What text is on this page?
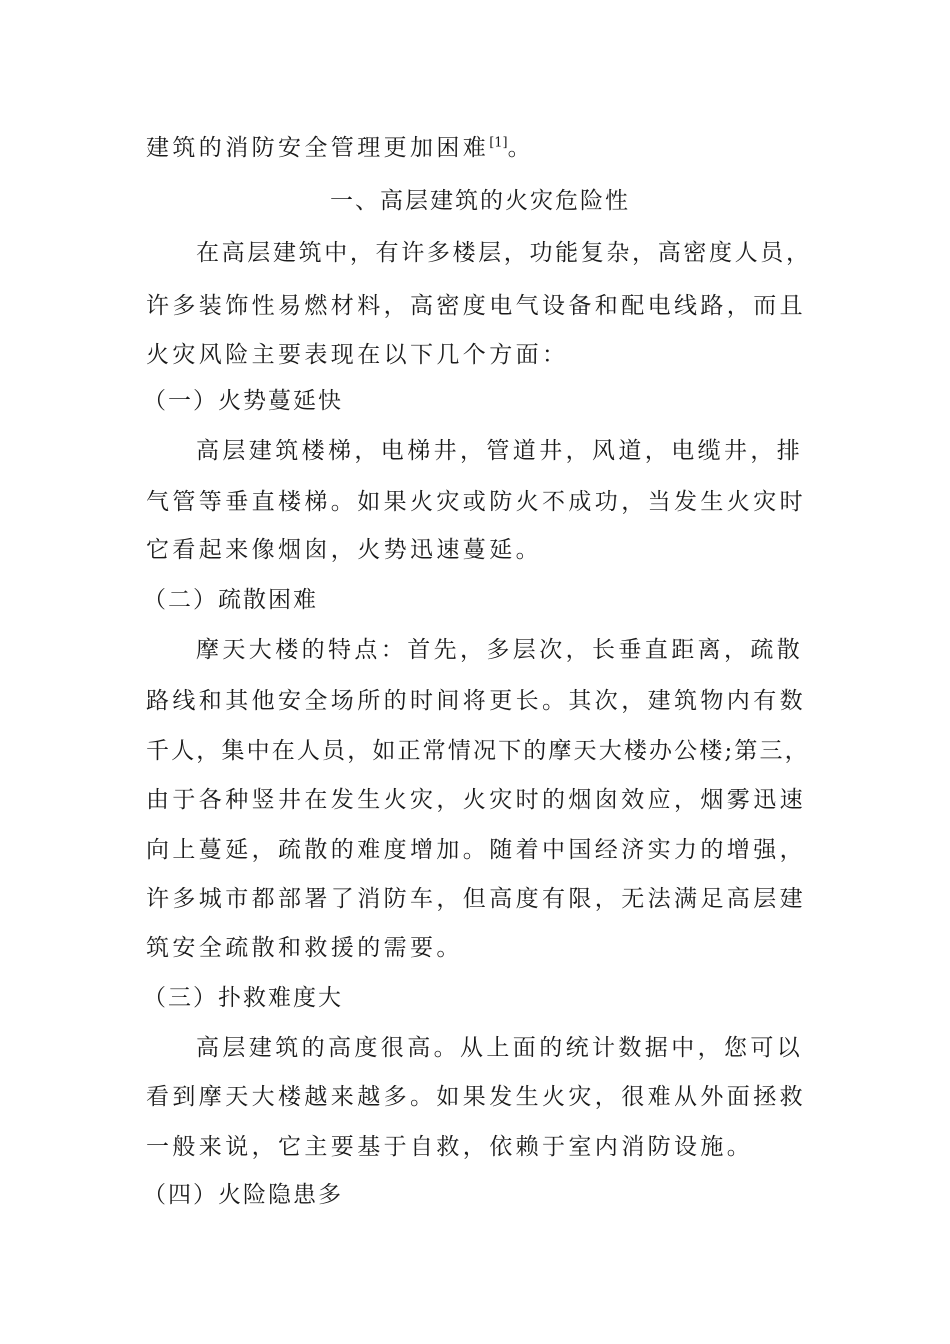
建筑的消防安全管理更加困难[1]。
一、高层建筑的火灾危险性
在高层建筑中，有许多楼层，功能复杂，高密度人员，
许多装饰性易燃材料，高密度电气设备和配电线路，而且
火灾风险主要表现在以下几个方面：
（一）火势蔓延快
高层建筑楼梯，电梯井，管道井，风道，电缆井，排
气管等垂直楼梯。如果火灾或防火不成功，当发生火灾时
它看起来像烟囱，火势迅速蔓延。
（二）疏散困难
摩天大楼的特点：首先，多层次，长垂直距离，疏散
路线和其他安全场所的时间将更长。其次，建筑物内有数
千人，集中在人员，如正常情况下的摩天大楼办公楼;第三，
由于各种竖井在发生火灾，火灾时的烟囱效应，烟雾迅速
向上蔓延，疏散的难度增加。随着中国经济实力的增强，
许多城市都部署了消防车，但高度有限，无法满足高层建
筑安全疏散和救援的需要。
（三）扑救难度大
高层建筑的高度很高。从上面的统计数据中，您可以
看到摩天大楼越来越多。如果发生火灾，很难从外面拯救
一般来说，它主要基于自救，依赖于室内消防设施。
（四）火险隐患多
